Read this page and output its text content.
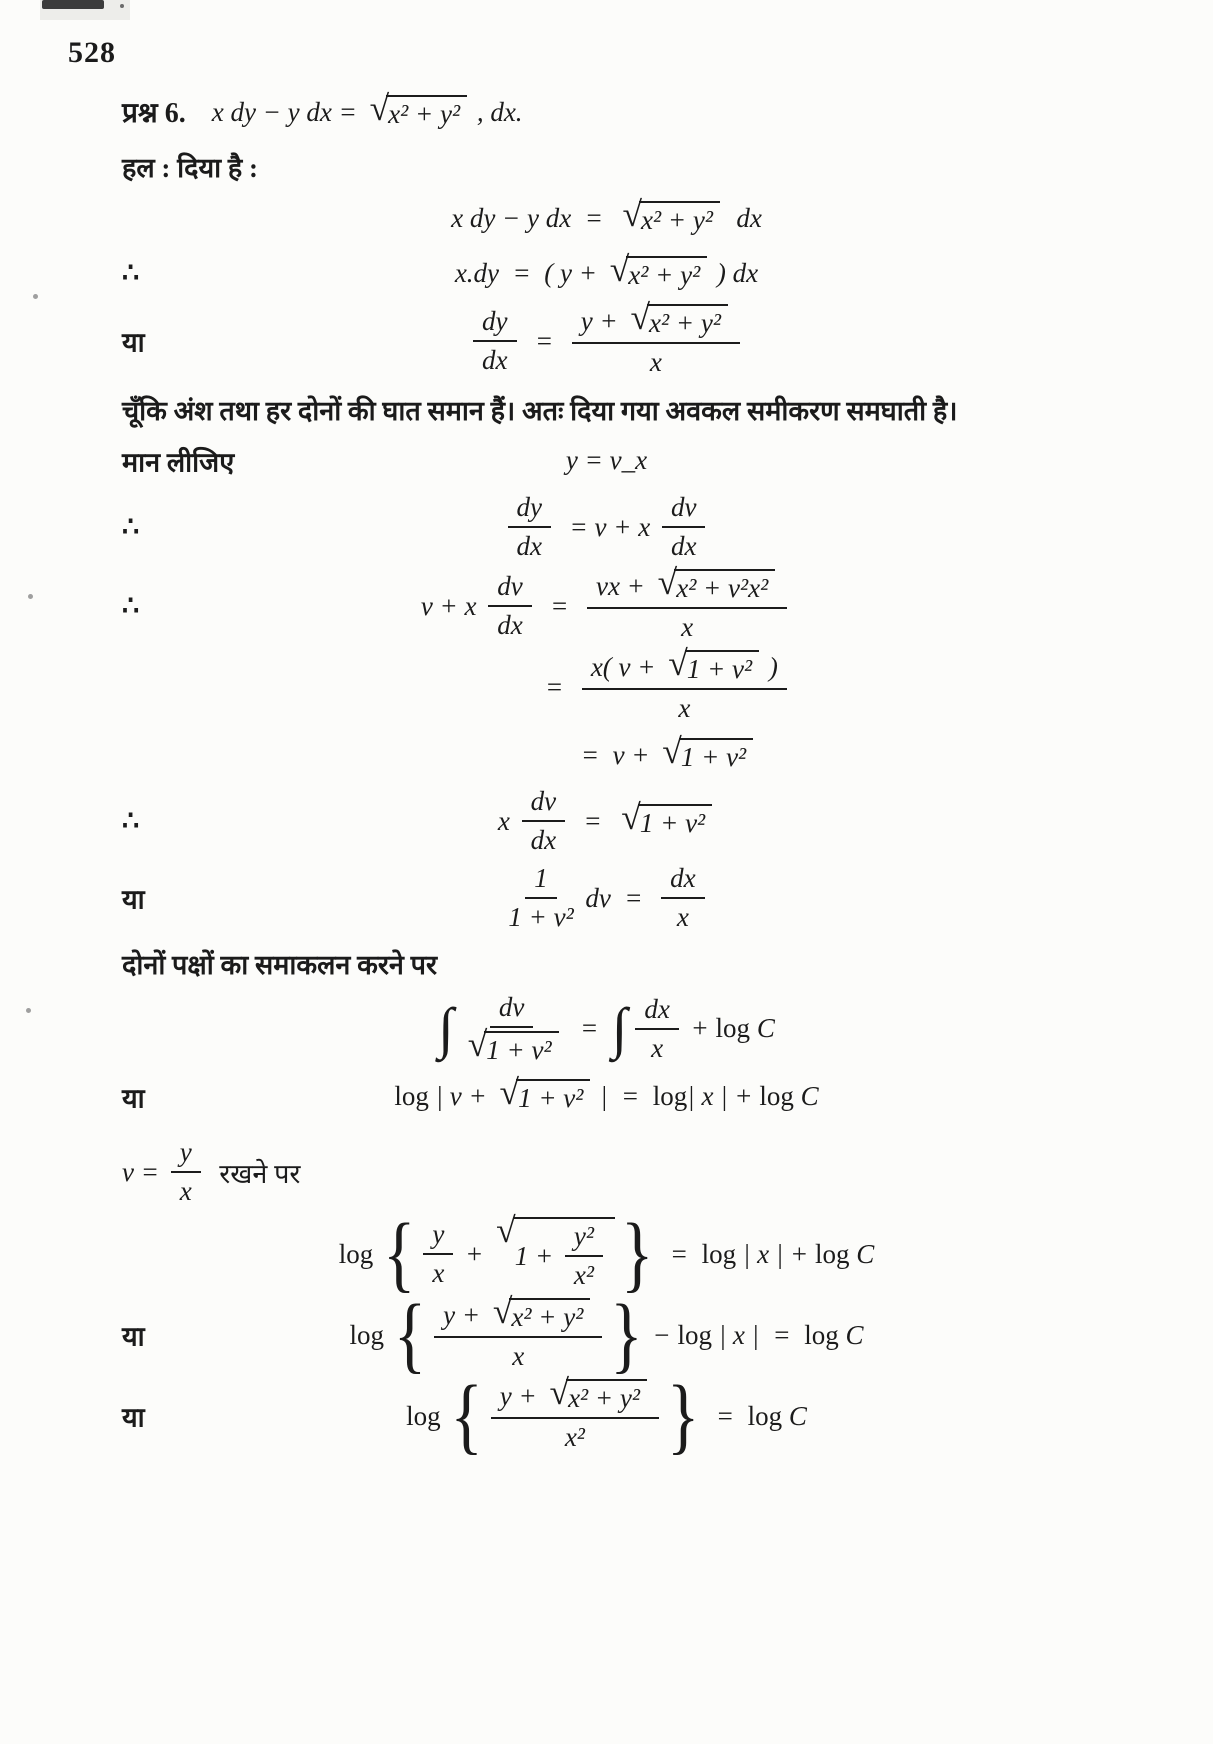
528
प्रश्न 6. x dy − y dx = √ x² + y² , dx.

हल : दिया है :

x dy − y dx  = √ x² + y² dx
∴	x.dy  =  ( y + √ x² + y² ) dx
या	$\frac{dy}{dx} = \frac{\text{y + √ x² + y²}}{x}$

चूँकि अंश तथा हर दोनों की घात समान हैं। अतः दिया गया अवकल समीकरण समघाती है।

मान लीजिए	y = v_x
∴	$\frac{dy}{dx} = v + x \frac{dv}{dx}$
∴	v + x $\frac{dv}{dx} = \frac{\text{vx + √ x² + v²x²}}{x}$
= $\frac{\text{x( v + √ 1 + v² )}}{x}$
=  v + √ 1 + v²
∴	x $\frac{dv}{dx}$ = √ 1 + v²
या	$\frac{1}{\text{1 + v²}}$ dv  = $\frac{dx}{x}$

दोनों पक्षों का समाकलन करने पर

∫ $\frac{dv}{\text{√ 1 + v²}}$ = ∫ $\frac{dx}{x} + \log C$
या	log | v + √ 1 + v² |  = log | x | + log C
$v = \frac{y}{x}$ रखने पर
log { $\frac{y}{x}$ +
√
$1 + \frac{\text{y²}}{\text{x²}}$ } = log | x | + log C
या	log { $\frac{\text{y + √ x² + y²}}{x}$ } − log | x |  = log C
या	log { $\frac{\text{y + √ x² + y²}}{\text{x²}}$ } = log C
